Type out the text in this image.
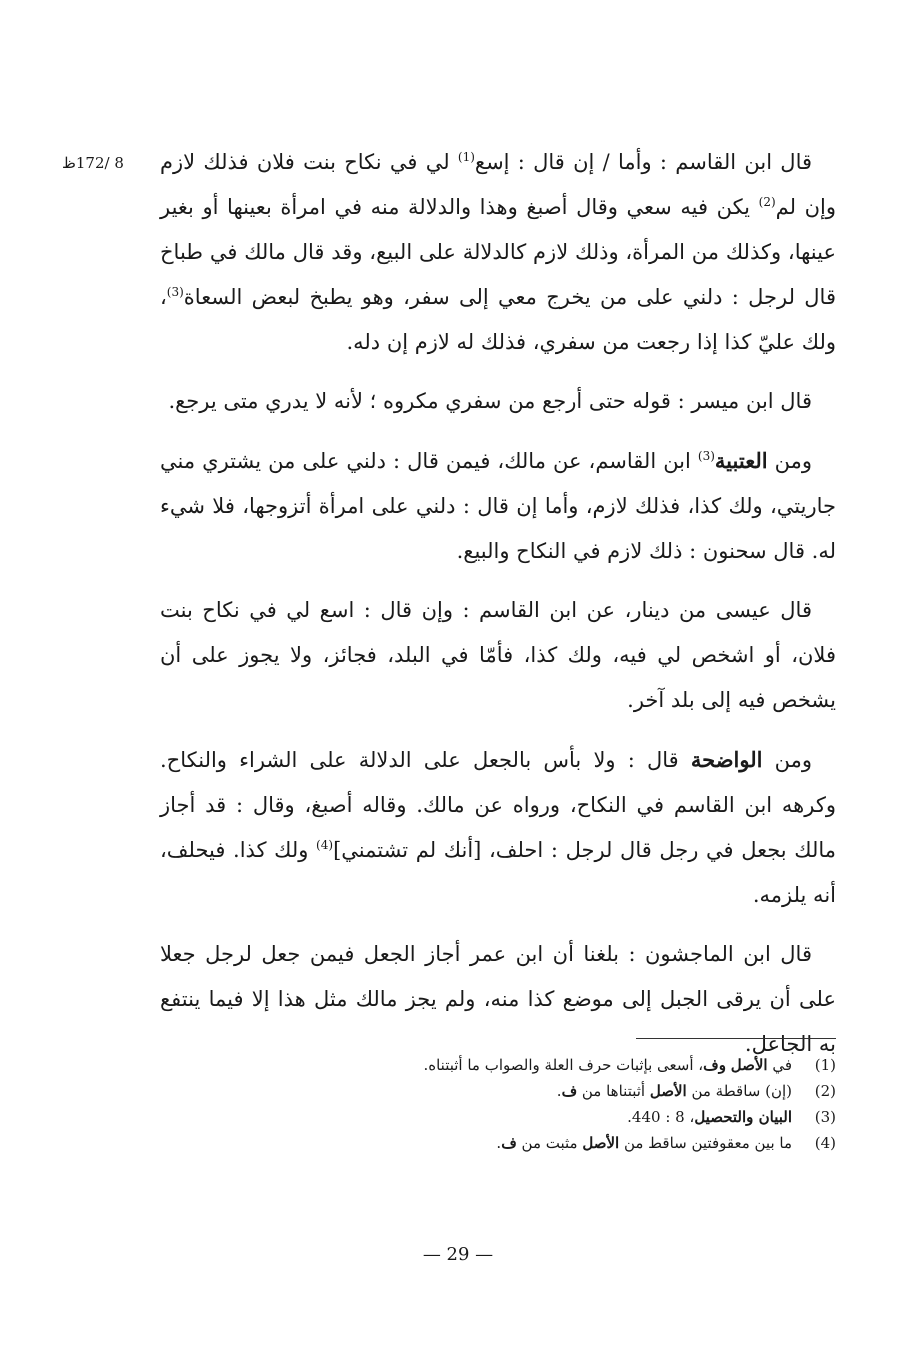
8 /172ظ	قال ابن القاسم : وأما / إن قال : إسع$^{(1)}$ لي في نكاح بنت فلان فذلك لازم وإن لم$^{(2)}$ يكن فيه سعي وقال أصبغ وهذا والدلالة منه في امرأة بعينها أو بغير عينها، وكذلك من المرأة، وذلك لازم كالدلالة على البيع، وقد قال مالك في طباخ قال لرجل : دلني على من يخرج معي إلى سفر، وهو يطبخ لبعض السعاة$^{(3)}$، ولك عليّ كذا إذا رجعت من سفري، فذلك له لازم إن دله.

قال ابن ميسر : قوله حتى أرجع من سفري مكروه ؛ لأنه لا يدري متى يرجع.

ومن العتبية$^{(3)}$ ابن القاسم، عن مالك، فيمن قال : دلني على من يشتري مني جاريتي، ولك كذا، فذلك لازم، وأما إن قال : دلني على امرأة أتزوجها، فلا شيء له. قال سحنون : ذلك لازم في النكاح والبيع.

قال عيسى من دينار، عن ابن القاسم : وإن قال : اسع لي في نكاح بنت فلان، أو اشخص لي فيه، ولك كذا، فأمّا في البلد، فجائز، ولا يجوز على أن يشخص فيه إلى بلد آخر.

ومن الواضحة قال : ولا بأس بالجعل على الدلالة على الشراء والنكاح. وكرهه ابن القاسم في النكاح، ورواه عن مالك. وقاله أصبغ، وقال : قد أجاز مالك بجعل في رجل قال لرجل : احلف، [أنك لم تشتمني]$^{(4)}$ ولك كذا. فيحلف، أنه يلزمه.

قال ابن الماجشون : بلغنا أن ابن عمر أجاز الجعل فيمن جعل لرجل جعلا على أن يرقى الجبل إلى موضع كذا منه، ولم يجز مالك مثل هذا إلا فيما ينتفع به الجاعل.

(1)
في الأصل وف، أسعى بإثبات حرف العلة والصواب ما أثبتناه.
(2)
(إن) ساقطة من الأصل أثبتناها من ف.
(3)
البيان والتحصيل، 8 : 440.
(4)
ما بين معقوفتين ساقط من الأصل مثبت من ف.
— 29 —
